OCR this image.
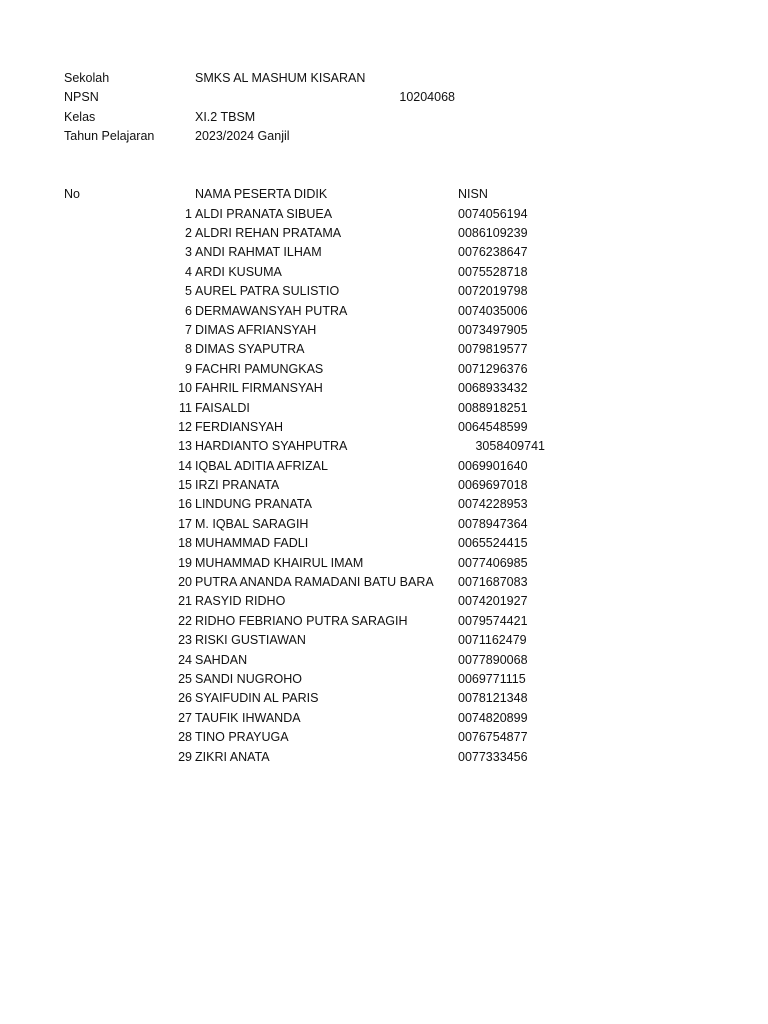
Sekolah	SMKS AL MASHUM KISARAN
NPSN	10204068
Kelas	XI.2 TBSM
Tahun Pelajaran	2023/2024 Ganjil
No	NAMA PESERTA DIDIK	NISN
1 ALDI PRANATA SIBUEA	0074056194
2 ALDRI REHAN PRATAMA	0086109239
3 ANDI RAHMAT ILHAM	0076238647
4 ARDI KUSUMA	0075528718
5 AUREL PATRA SULISTIO	0072019798
6 DERMAWANSYAH PUTRA	0074035006
7 DIMAS AFRIANSYAH	0073497905
8 DIMAS SYAPUTRA	0079819577
9 FACHRI PAMUNGKAS	0071296376
10 FAHRIL FIRMANSYAH	0068933432
11 FAISALDI	0088918251
12 FERDIANSYAH	0064548599
13 HARDIANTO SYAHPUTRA	3058409741
14 IQBAL ADITIA AFRIZAL	0069901640
15 IRZI PRANATA	0069697018
16 LINDUNG PRANATA	0074228953
17 M. IQBAL SARAGIH	0078947364
18 MUHAMMAD FADLI	0065524415
19 MUHAMMAD KHAIRUL IMAM	0077406985
20 PUTRA ANANDA RAMADANI BATU BARA 0071687083
21 RASYID RIDHO	0074201927
22 RIDHO FEBRIANO PUTRA SARAGIH	0079574421
23 RISKI GUSTIAWAN	0071162479
24 SAHDAN	0077890068
25 SANDI NUGROHO	0069771115
26 SYAIFUDIN AL PARIS	0078121348
27 TAUFIK IHWANDA	0074820899
28 TINO PRAYUGA	0076754877
29 ZIKRI ANATA	0077333456
